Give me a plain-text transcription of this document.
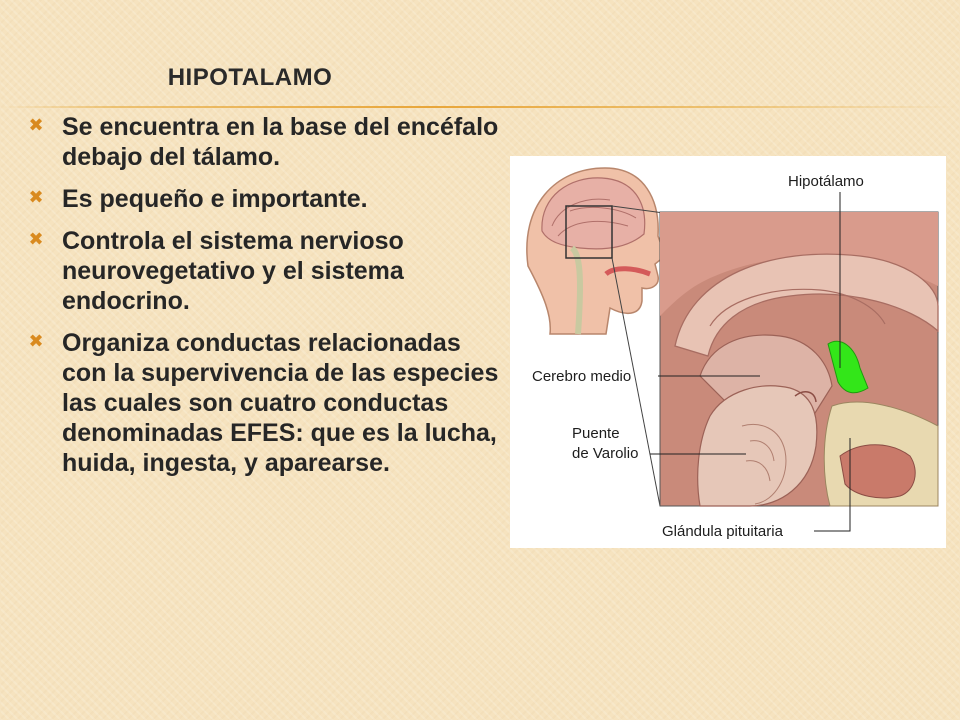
HIPOTALAMO
✖ Se encuentra en la base del encéfalo debajo del tálamo.
✖ Es pequeño e importante.
✖ Controla el sistema nervioso neurovegetativo y el sistema endocrino.
✖ Organiza conductas relacionadas con la supervivencia de las especies las cuales son cuatro conductas denominadas EFES: que es la lucha, huida, ingesta, y aparearse.
Hipotálamo
Cerebro medio
Puente
de Varolio
Glándula pituitaria
